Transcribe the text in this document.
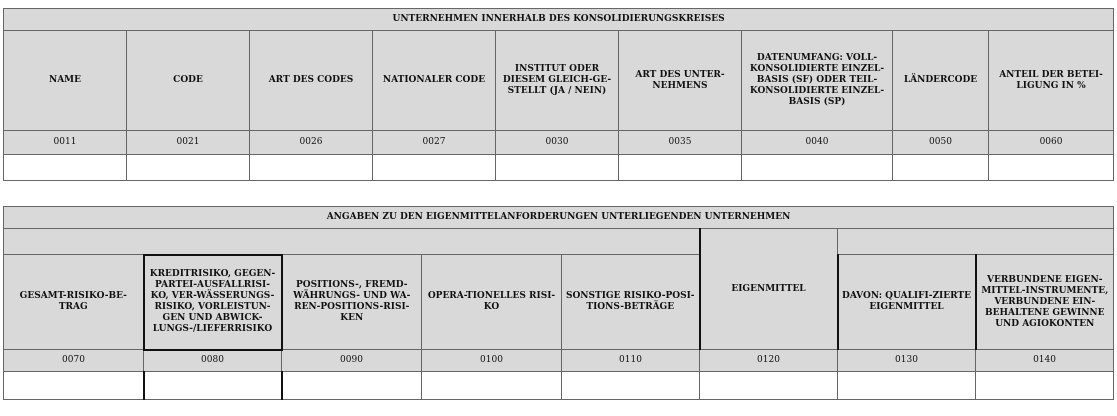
UNTERNEHMEN INNERHALB DES KONSOLIDIERUNGSKREISES								
NAME	CODE	ART DES CODES	NATIONALER CODE	INSTITUT ODER DIESEM GLEICH-GE-STELLT (JA / NEIN)	ART DES UNTER-NEHMENS	DATENUMFANG: VOLL-KONSOLIDIERTE EINZEL-BASIS (SF) ODER TEIL-KONSOLIDIERTE EINZEL-BASIS (SP)	LÄNDERCODE	ANTEIL DER BETEI-LIGUNG IN %
0011	0021	0026	0027	0030	0035	0040	0050	0060

ANGABEN ZU DEN EIGENMITTELANFORDERUNGEN UNTERLIEGENDEN UNTERNEHMEN							
					EIGENMITTEL		
GESAMT-RISIKO-BE-TRAG	KREDITRISIKO, GEGEN-PARTEI-AUSFALLRISI-KO, VER-WÄSSERUNGS-RISIKO, VORLEISTUN-GEN UND ABWICK-LUNGS-/LIEFERRISIKO	POSITIONS-, FREMD-WÄHRUNGS- UND WA-REN-POSITIONS-RISI-KEN	OPERA-TIONELLES RISI-KO	SONSTIGE RISIKO-POSI-TIONS-BETRÄGE		DAVON: QUALIFI-ZIERTE EIGENMITTEL	VERBUNDENE EIGEN-MITTEL-INSTRUMENTE, VERBUNDENE EIN-BEHALTENE GEWINNE UND AGIOKONTEN
0070	0080	0090	0100	0110	0120	0130	0140
